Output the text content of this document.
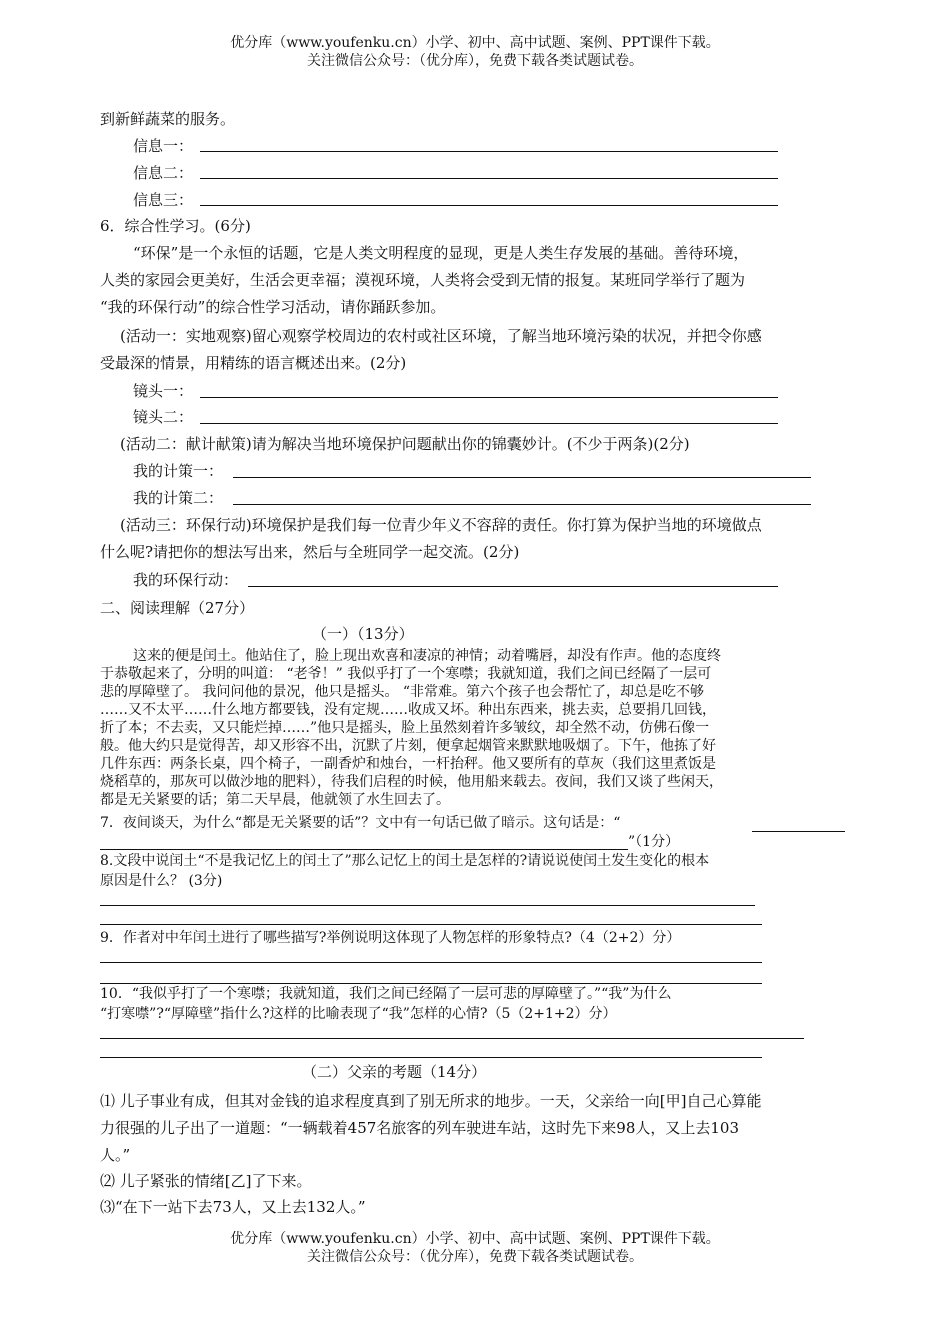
优分库（www.youfenku.cn）小学、初中、高中试题、案例、PPT课件下载。
关注微信公众号：（优分库），免费下载各类试题试卷。
到新鲜蔬菜的服务。
信息一：
信息二：
信息三：
6．综合性学习。(6分)
“环保”是一个永恒的话题，它是人类文明程度的显现，更是人类生存发展的基础。善待环境，
人类的家园会更美好，生活会更幸福；漠视环境，人类将会受到无情的报复。某班同学举行了题为
“我的环保行动”的综合性学习活动，请你踊跃参加。
(活动一：实地观察)留心观察学校周边的农村或社区环境，了解当地环境污染的状况，并把令你感
受最深的情景，用精练的语言概述出来。(2分)
镜头一：
镜头二：
(活动二：献计献策)请为解决当地环境保护问题献出你的锦囊妙计。(不少于两条)(2分)
我的计策一：
我的计策二：
(活动三：环保行动)环境保护是我们每一位青少年义不容辞的责任。你打算为保护当地的环境做点
什么呢?请把你的想法写出来，然后与全班同学一起交流。(2分)
我的环保行动：
二、阅读理解（27分）
（一）（13分）
这来的便是闰土。他站住了，脸上现出欢喜和凄凉的神情；动着嘴唇，却没有作声。他的态度终
于恭敬起来了，分明的叫道： “老爷！” 我似乎打了一个寒噤；我就知道，我们之间已经隔了一层可
悲的厚障壁了。 我问问他的景况，他只是摇头。 “非常难。第六个孩子也会帮忙了，却总是吃不够
……又不太平……什么地方都要钱，没有定规……收成又坏。种出东西来，挑去卖，总要捐几回钱，
折了本；不去卖，又只能烂掉……”他只是摇头，脸上虽然刻着许多皱纹，却全然不动，仿佛石像一
般。他大约只是觉得苦，却又形容不出，沉默了片刻，便拿起烟管来默默地吸烟了。下午，他拣了好
几件东西：两条长桌，四个椅子，一副香炉和烛台，一杆抬秤。他又要所有的草灰（我们这里煮饭是
烧稻草的，那灰可以做沙地的肥料），待我们启程的时候，他用船来载去。夜间，我们又谈了些闲天，
都是无关紧要的话；第二天早晨，他就领了水生回去了。
7．夜间谈天，为什么“都是无关紧要的话”？文中有一句话已做了暗示。这句话是：“
”（1分）
8.文段中说闰土“不是我记忆上的闰土了”那么记忆上的闰土是怎样的?请说说使闰土发生变化的根本
原因是什么？ (3分)
9．作者对中年闰土进行了哪些描写?举例说明这体现了人物怎样的形象特点?（4（2+2）分）
10．“我似乎打了一个寒噤；我就知道，我们之间已经隔了一层可悲的厚障壁了。”“我”为什么
“打寒噤”?“厚障壁”指什么?这样的比喻表现了“我”怎样的心情?（5（2+1+2）分）
（二）父亲的考题（14分）
⑴ 儿子事业有成，但其对金钱的追求程度真到了别无所求的地步。一天，父亲给一向[甲]自己心算能
力很强的儿子出了一道题：“一辆载着457名旅客的列车驶进车站，这时先下来98人，又上去103
人。”
⑵ 儿子紧张的情绪[乙]了下来。
⑶“在下一站下去73人，又上去132人。”
优分库（www.youfenku.cn）小学、初中、高中试题、案例、PPT课件下载。
关注微信公众号：（优分库），免费下载各类试题试卷。
